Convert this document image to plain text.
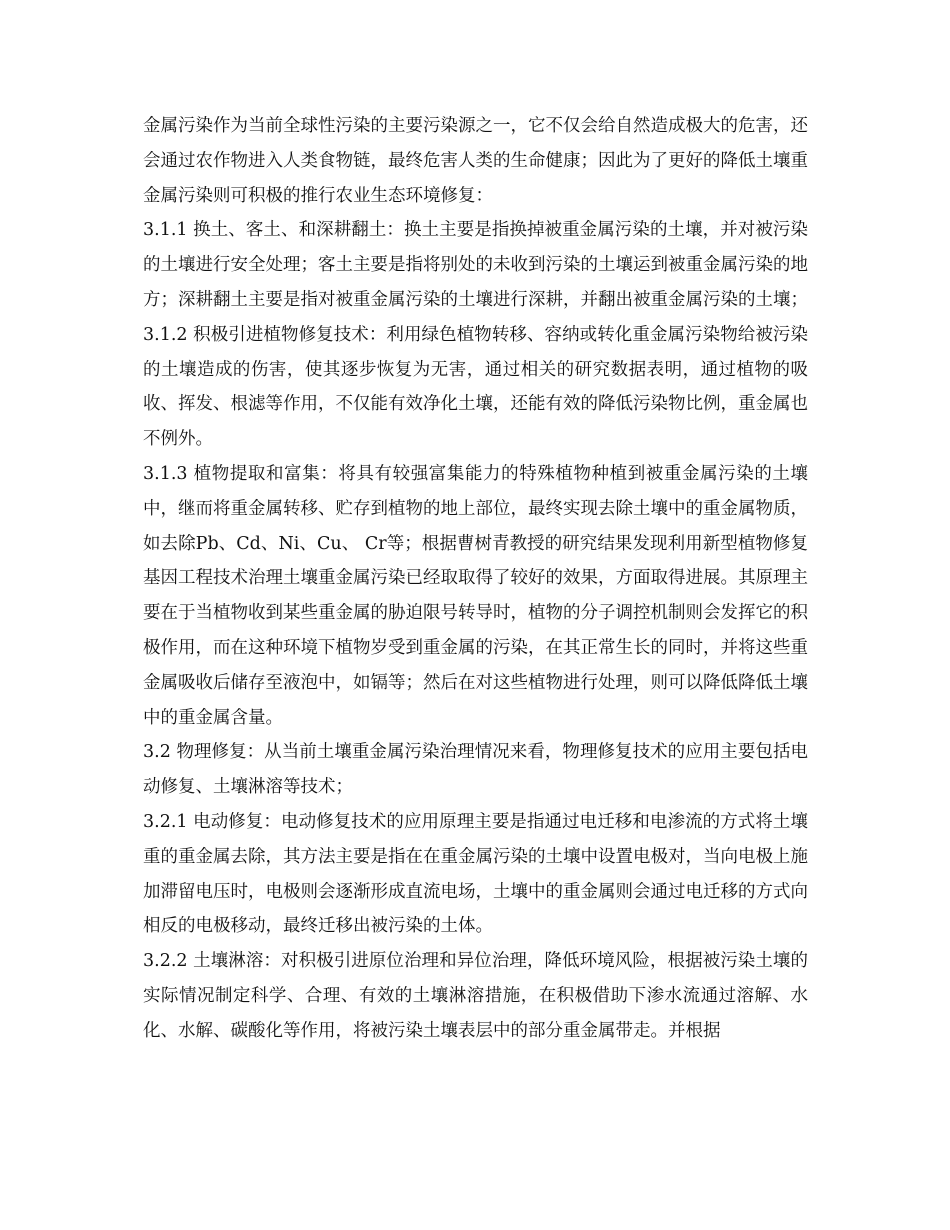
金属污染作为当前全球性污染的主要污染源之一，它不仅会给自然造成极大的危害，还会通过农作物进入人类食物链，最终危害人类的生命健康；因此为了更好的降低土壤重金属污染则可积极的推行农业生态环境修复：

3.1.1 换土、客土、和深耕翻土：换土主要是指换掉被重金属污染的土壤，并对被污染的土壤进行安全处理；客土主要是指将别处的未收到污染的土壤运到被重金属污染的地方；深耕翻土主要是指对被重金属污染的土壤进行深耕，并翻出被重金属污染的土壤；

3.1.2 积极引进植物修复技术：利用绿色植物转移、容纳或转化重金属污染物给被污染的土壤造成的伤害，使其逐步恢复为无害，通过相关的研究数据表明，通过植物的吸收、挥发、根滤等作用，不仅能有效净化土壤，还能有效的降低污染物比例，重金属也不例外。

3.1.3 植物提取和富集：将具有较强富集能力的特殊植物种植到被重金属污染的土壤中，继而将重金属转移、贮存到植物的地上部位，最终实现去除土壤中的重金属物质，如去除Pb、Cd、Ni、Cu、 Cr等；根据曹树青教授的研究结果发现利用新型植物修复基因工程技术治理土壤重金属污染已经取取得了较好的效果，方面取得进展。其原理主要在于当植物收到某些重金属的胁迫限号转导时，植物的分子调控机制则会发挥它的积极作用，而在这种环境下植物岁受到重金属的污染，在其正常生长的同时，并将这些重金属吸收后储存至液泡中，如镉等；然后在对这些植物进行处理，则可以降低降低土壤中的重金属含量。

3.2 物理修复：从当前土壤重金属污染治理情况来看，物理修复技术的应用主要包括电动修复、土壤淋溶等技术；

3.2.1 电动修复：电动修复技术的应用原理主要是指通过电迁移和电渗流的方式将土壤重的重金属去除，其方法主要是指在在重金属污染的土壤中设置电极对，当向电极上施加滞留电压时，电极则会逐渐形成直流电场，土壤中的重金属则会通过电迁移的方式向相反的电极移动，最终迁移出被污染的土体。

3.2.2 土壤淋溶：对积极引进原位治理和异位治理，降低环境风险，根据被污染土壤的实际情况制定科学、合理、有效的土壤淋溶措施，在积极借助下渗水流通过溶解、水化、水解、碳酸化等作用，将被污染土壤表层中的部分重金属带走。并根据
